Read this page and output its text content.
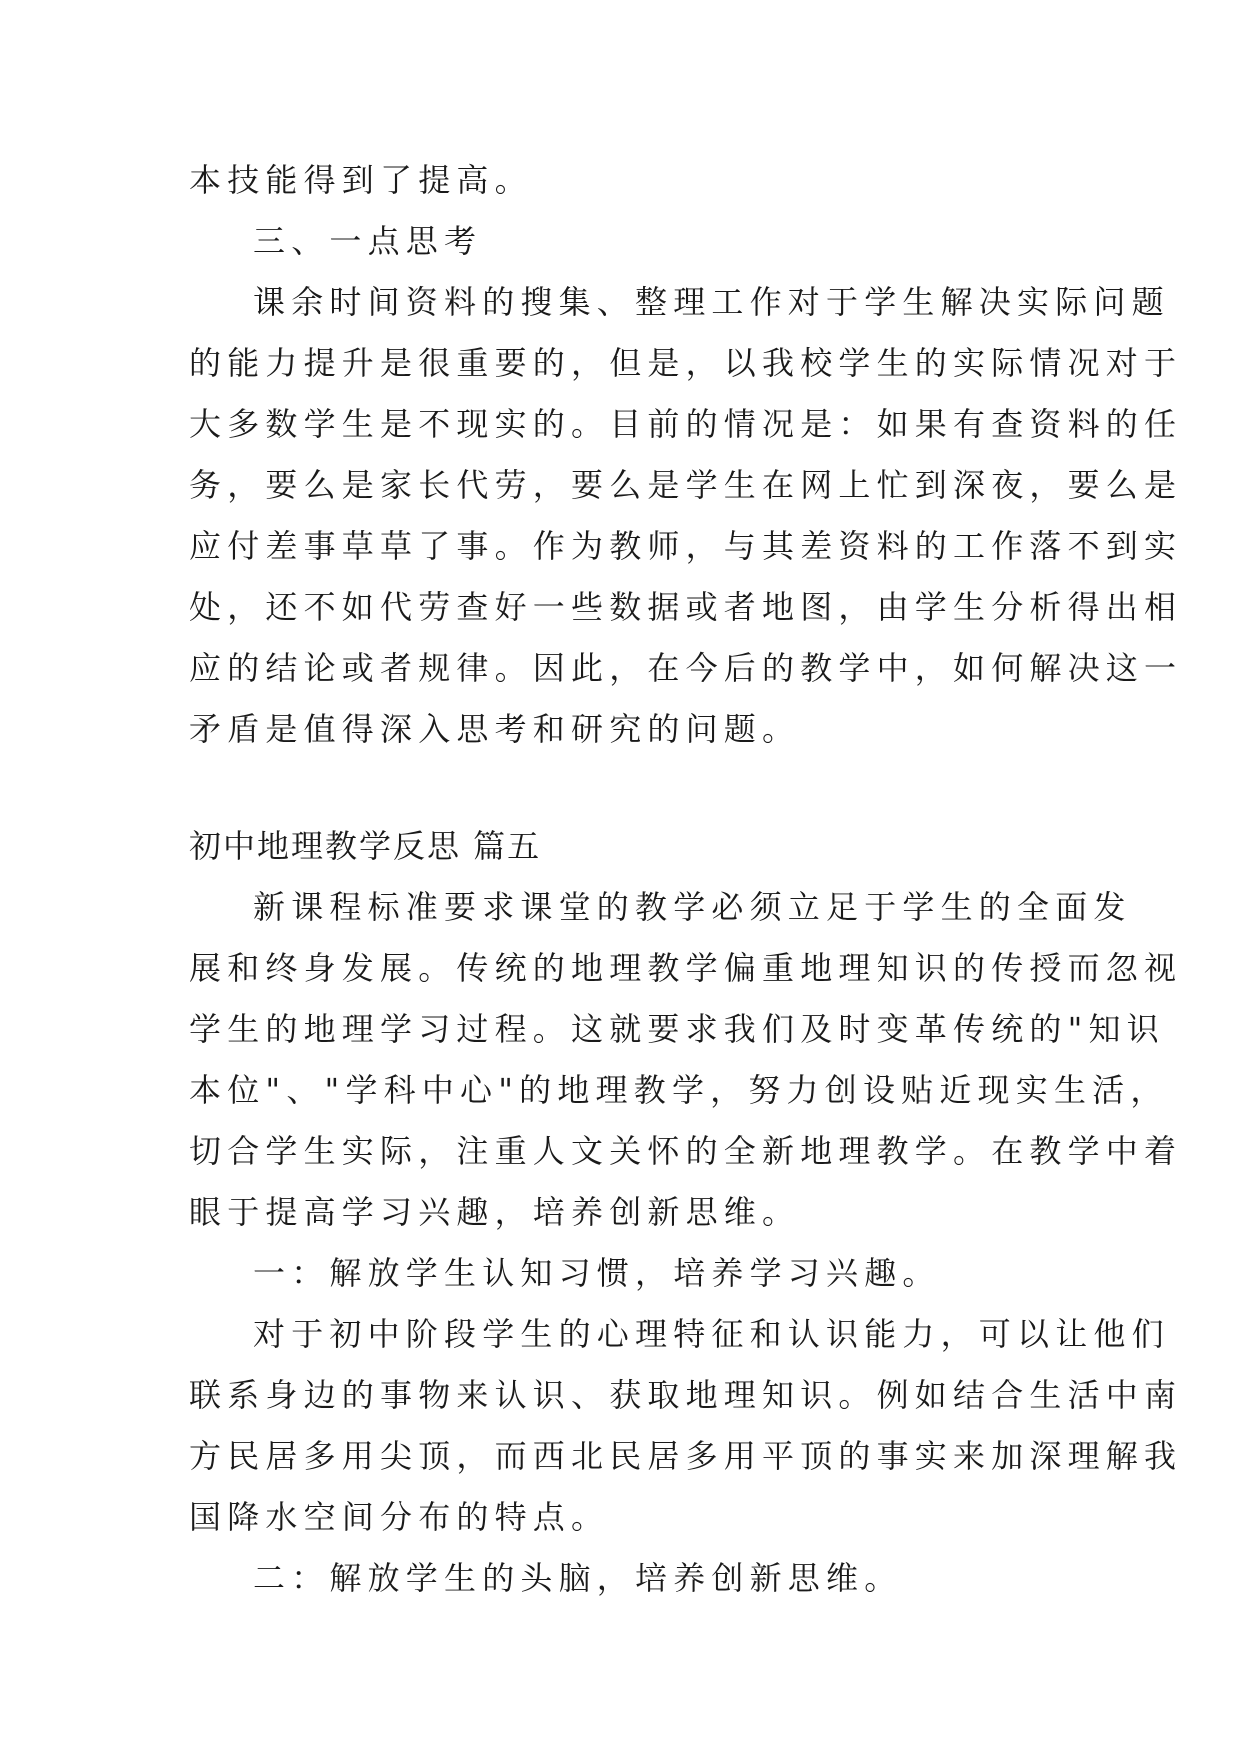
本技能得到了提高。

三、一点思考

课余时间资料的搜集、整理工作对于学生解决实际问题

的能力提升是很重要的，但是，以我校学生的实际情况对于

大多数学生是不现实的。目前的情况是：如果有查资料的任

务，要么是家长代劳，要么是学生在网上忙到深夜，要么是

应付差事草草了事。作为教师，与其差资料的工作落不到实

处，还不如代劳查好一些数据或者地图，由学生分析得出相

应的结论或者规律。因此，在今后的教学中，如何解决这一

矛盾是值得深入思考和研究的问题。

初中地理教学反思 篇五

新课程标准要求课堂的教学必须立足于学生的全面发

展和终身发展。传统的地理教学偏重地理知识的传授而忽视

学生的地理学习过程。这就要求我们及时变革传统的"知识

本位"、"学科中心"的地理教学，努力创设贴近现实生活，

切合学生实际，注重人文关怀的全新地理教学。在教学中着

眼于提高学习兴趣，培养创新思维。

一：解放学生认知习惯，培养学习兴趣。

对于初中阶段学生的心理特征和认识能力，可以让他们

联系身边的事物来认识、获取地理知识。例如结合生活中南

方民居多用尖顶，而西北民居多用平顶的事实来加深理解我

国降水空间分布的特点。

二：解放学生的头脑，培养创新思维。
